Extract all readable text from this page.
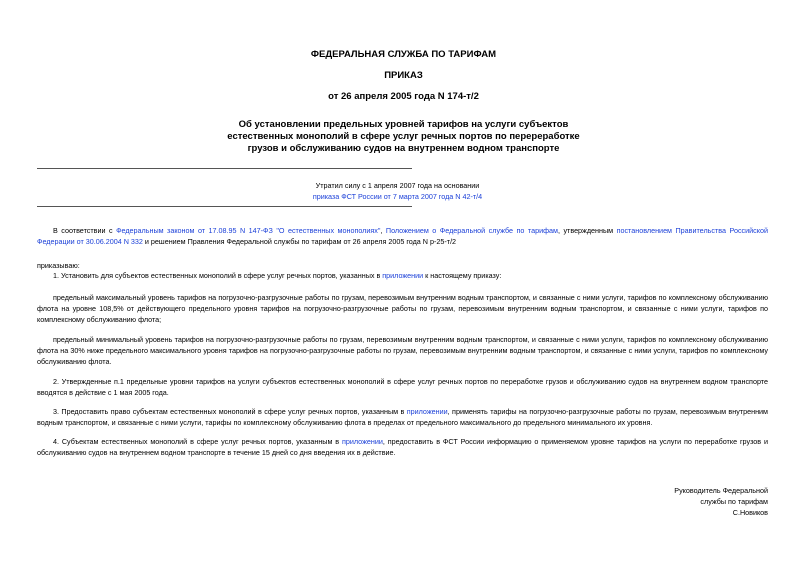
ФЕДЕРАЛЬНАЯ СЛУЖБА ПО ТАРИФАМ
ПРИКАЗ
от 26 апреля 2005 года N 174-т/2
Об установлении предельных уровней тарифов на услуги субъектов
естественных монополий в сфере услуг речных портов по перереработке
грузов и обслуживанию судов на внутреннем водном транспорте
Утратил силу с 1 апреля 2007 года на основании
приказа ФСТ России от 7 марта 2007 года N 42-т/4
В соответствии с Федеральным законом от 17.08.95 N 147-ФЗ "О естественных монополиях", Положением о Федеральной службе по тарифам, утвержденным постановлением Правительства Российской Федерации от 30.06.2004 N 332 и решением Правления Федеральной службы по тарифам от 26 апреля 2005 года N р-25-т/2
приказываю:
1. Установить для субъектов естественных монополий в сфере услуг речных портов, указанных в приложении к настоящему приказу:
предельный максимальный уровень тарифов на погрузочно-разгрузочные работы по грузам, перевозимым внутренним водным транспортом, и связанные с ними услуги, тарифов по комплексному обслуживанию флота на уровне 108,5% от действующего предельного уровня тарифов на погрузочно-разгрузочные работы по грузам, перевозимым внутренним водным транспортом, и связанные с ними услуги, тарифов по комплексному обслуживанию флота;
предельный минимальный уровень тарифов на погрузочно-разгрузочные работы по грузам, перевозимым внутренним водным транспортом, и связанные с ними услуги, тарифов по комплексному обслуживанию флота на 30% ниже предельного максимального уровня тарифов на погрузочно-разгрузочные работы по грузам, перевозимым внутренним водным транспортом, и связанные с ними услуги, тарифов по комплексному обслуживанию флота.
2. Утвержденные п.1 предельные уровни тарифов на услуги субъектов естественных монополий в сфере услуг речных портов по переработке грузов и обслуживанию судов на внутреннем водном транспорте вводятся в действие с 1 мая 2005 года.
3. Предоставить право субъектам естественных монополий в сфере услуг речных портов, указанным в приложении, применять тарифы на погрузочно-разгрузочные работы по грузам, перевозимым внутренним водным транспортом, и связанные с ними услуги, тарифы по комплексному обслуживанию флота в пределах от предельного максимального до предельного минимального их уровня.
4. Субъектам естественных монополий в сфере услуг речных портов, указанным в приложении, предоставить в ФСТ России информацию о применяемом уровне тарифов на услуги по переработке грузов и обслуживанию судов на внутреннем водном транспорте в течение 15 дней со дня введения их в действие.
Руководитель Федеральной
службы по тарифам
С.Новиков
